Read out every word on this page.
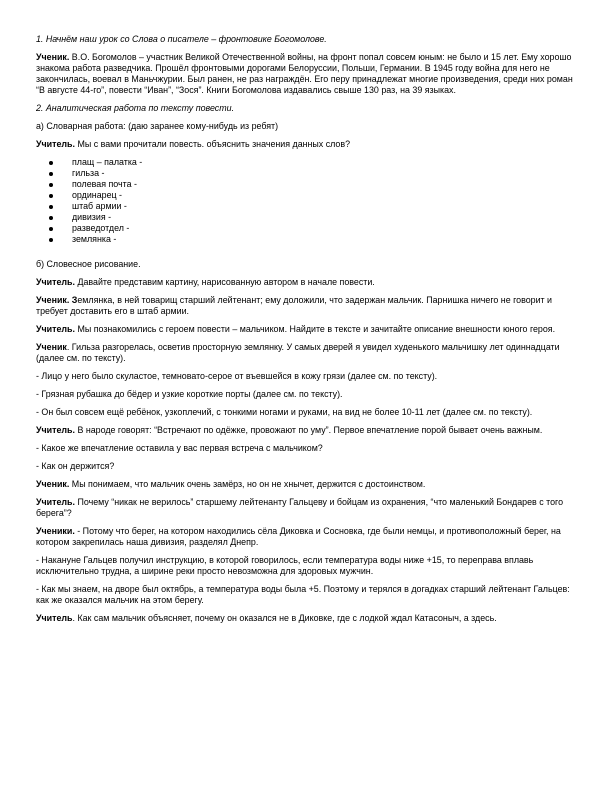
1. Начнём наш урок со Слова о писателе – фронтовике Богомолове.

Ученик. В.О. Богомолов – участник Великой Отечественной войны, на фронт попал совсем юным: не было и 15 лет. Ему хорошо знакома работа разведчика. Прошёл фронтовыми дорогами Белоруссии, Польши, Германии. В 1945 году война для него не закончилась, воевал в Маньчжурии. Был ранен, не раз награждён. Его перу принадлежат многие произведения, среди них роман “В августе 44-го”, повести “Иван”, “Зося”. Книги Богомолова издавались свыше 130 раз, на 39 языках.

2. Аналитическая работа по тексту повести.

а) Словарная работа: (даю заранее кому-нибудь из ребят)

Учитель. Мы с вами прочитали повесть. объяснить значения данных слов?

плащ – палатка -
гильза -
полевая почта -
ординарец -
штаб армии -
дивизия -
разведотдел -
землянка -

б) Словесное рисование.

Учитель. Давайте представим картину, нарисованную автором в начале повести.

Ученик. Землянка, в ней товарищ старший лейтенант; ему доложили, что задержан мальчик. Парнишка ничего не говорит и требует доставить его в штаб армии.

Учитель. Мы познакомились с героем повести – мальчиком. Найдите в тексте и зачитайте описание внешности юного героя.

Ученик. Гильза разгорелась, осветив просторную землянку. У самых дверей я увидел худенького мальчишку лет одиннадцати (далее см. по тексту).

- Лицо у него было скуластое, темновато-серое от въевшейся в кожу грязи (далее см. по тексту).

- Грязная рубашка до бёдер и узкие короткие порты (далее см. по тексту).

- Он был совсем ещё ребёнок, узкоплечий, с тонкими ногами и руками, на вид не более 10-11 лет (далее см. по тексту).

Учитель. В народе говорят: “Встречают по одёжке, провожают по уму”. Первое впечатление порой бывает очень важным.

- Какое же впечатление оставила у вас первая встреча с мальчиком?

- Как он держится?

Ученик. Мы понимаем, что мальчик очень замёрз, но он не хнычет, держится с достоинством.

Учитель. Почему “никак не верилось” старшему лейтенанту Гальцеву и бойцам из охранения, “что маленький Бондарев с того берега”?

Ученики. - Потому что берег, на котором находились сёла Диковка и Сосновка, где были немцы, и противоположный берег, на котором закрепилась наша дивизия, разделял Днепр.

- Накануне Гальцев получил инструкцию, в которой говорилось, если температура воды ниже +15, то переправа вплавь исключительно трудна, а ширине реки просто невозможна для здоровых мужчин.

- Как мы знаем, на дворе был октябрь, а температура воды была +5. Поэтому и терялся в догадках старший лейтенант Гальцев: как же оказался мальчик на этом берегу.

Учитель. Как сам мальчик объясняет, почему он оказался не в Диковке, где с лодкой ждал Катасоныч, а здесь.
